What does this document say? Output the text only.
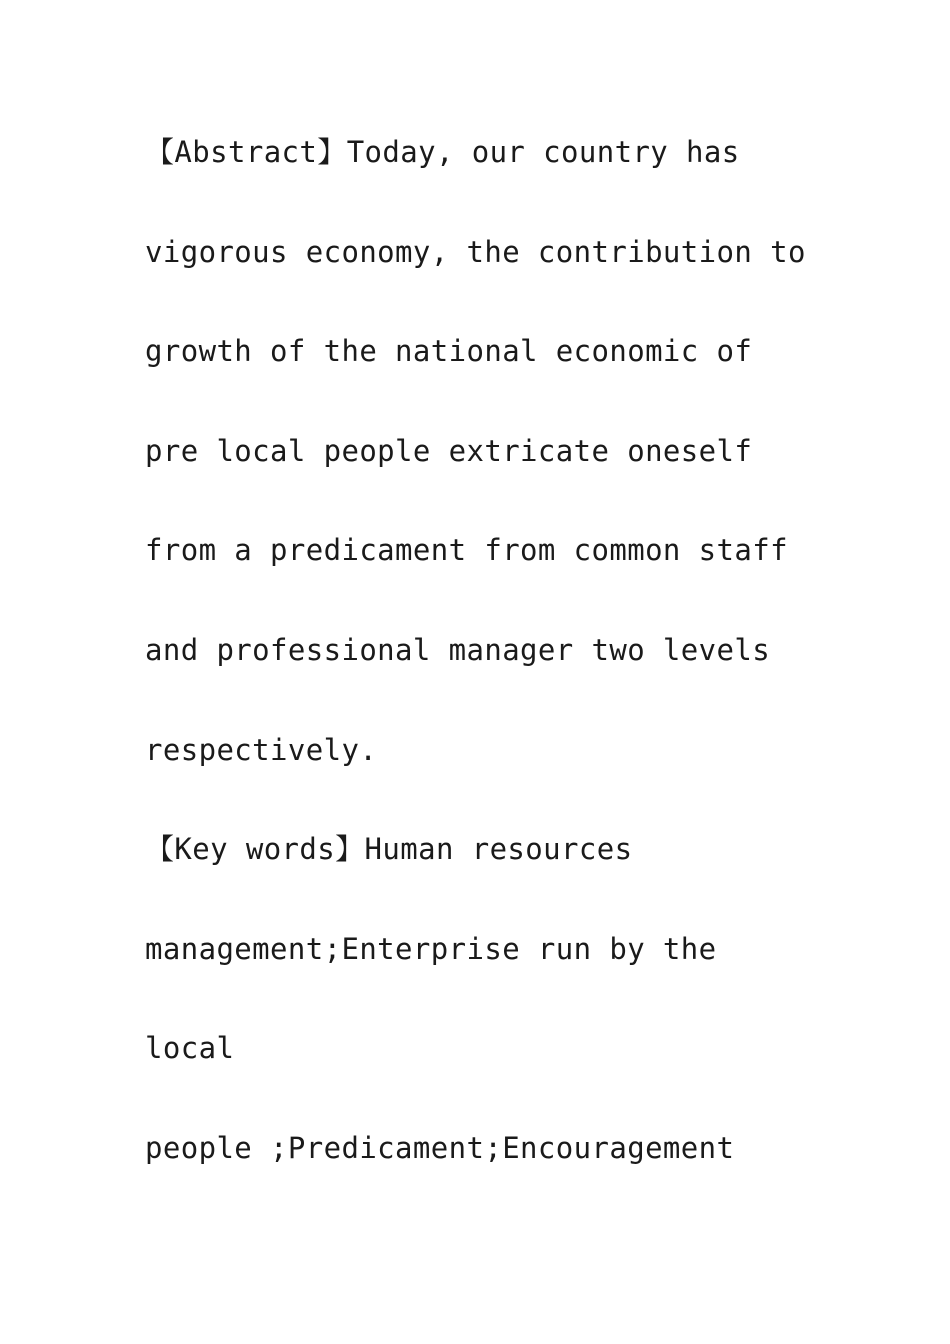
【Abstract】Today, our country has
vigorous economy, the contribution to
growth of the national economic of
pre local people extricate oneself
from a predicament from common staff
and professional manager two levels
respectively.
【Key words】Human resources
management;Enterprise run by the
local
people ;Predicament;Encouragement
